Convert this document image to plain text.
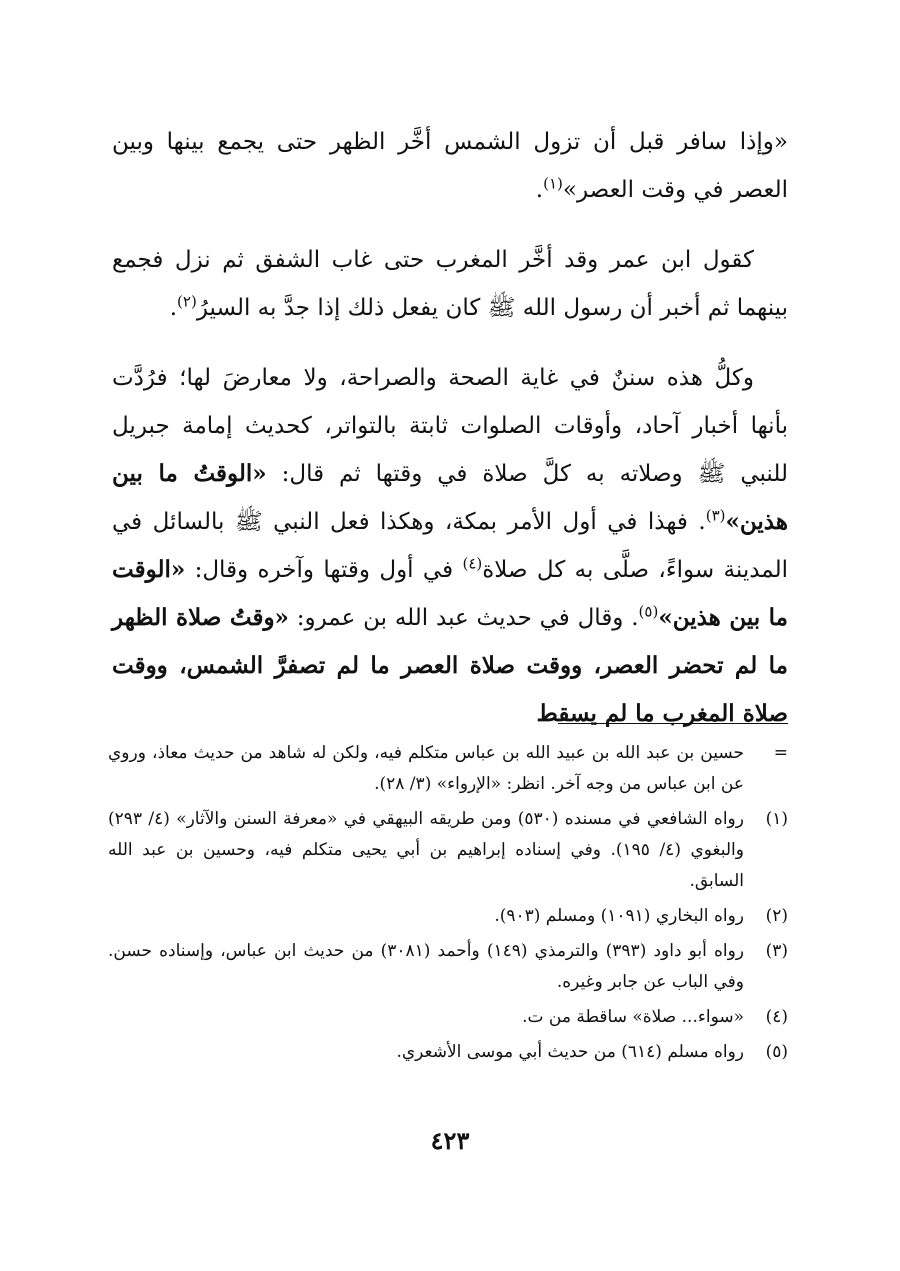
«وإذا سافر قبل أن تزول الشمس أخَّر الظهر حتى يجمع بينها وبين العصر في وقت العصر»$^{(١)}$.

كقول ابن عمر وقد أخَّر المغرب حتى غاب الشفق ثم نزل فجمع بينهما ثم أخبر أن رسول الله ﷺ كان يفعل ذلك إذا جدَّ به السيرُ$^{(٢)}$.

وكلُّ هذه سننٌ في غاية الصحة والصراحة، ولا معارضَ لها؛ فرُدَّت بأنها أخبار آحاد، وأوقات الصلوات ثابتة بالتواتر، كحديث إمامة جبريل للنبي ﷺ وصلاته به كلَّ صلاة في وقتها ثم قال: «الوقتُ ما بين هذين»$^{(٣)}$. فهذا في أول الأمر بمكة، وهكذا فعل النبي ﷺ بالسائل في المدينة سواءً، صلَّى به كل صلاة$^{(٤)}$ في أول وقتها وآخره وقال: «الوقت ما بين هذين»$^{(٥)}$. وقال في حديث عبد الله بن عمرو: «وقتُ صلاة الظهر ما لم تحضر العصر، ووقت صلاة العصر ما لم تصفرَّ الشمس، ووقت صلاة المغرب ما لم يسقط

=
حسين بن عبد الله بن عبيد الله بن عباس متكلم فيه، ولكن له شاهد من حديث معاذ، وروي عن ابن عباس من وجه آخر. انظر: «الإرواء» (٣/ ٢٨).
(١)
رواه الشافعي في مسنده (٥٣٠) ومن طريقه البيهقي في «معرفة السنن والآثار» (٤/ ٢٩٣) والبغوي (٤/ ١٩٥). وفي إسناده إبراهيم بن أبي يحيى متكلم فيه، وحسين بن عبد الله السابق.
(٢)
رواه البخاري (١٠٩١) ومسلم (٩٠٣).
(٣)
رواه أبو داود (٣٩٣) والترمذي (١٤٩) وأحمد (٣٠٨١) من حديث ابن عباس، وإسناده حسن. وفي الباب عن جابر وغيره.
(٤)
«سواء... صلاة» ساقطة من ت.
(٥)
رواه مسلم (٦١٤) من حديث أبي موسى الأشعري.
٤٢٣
